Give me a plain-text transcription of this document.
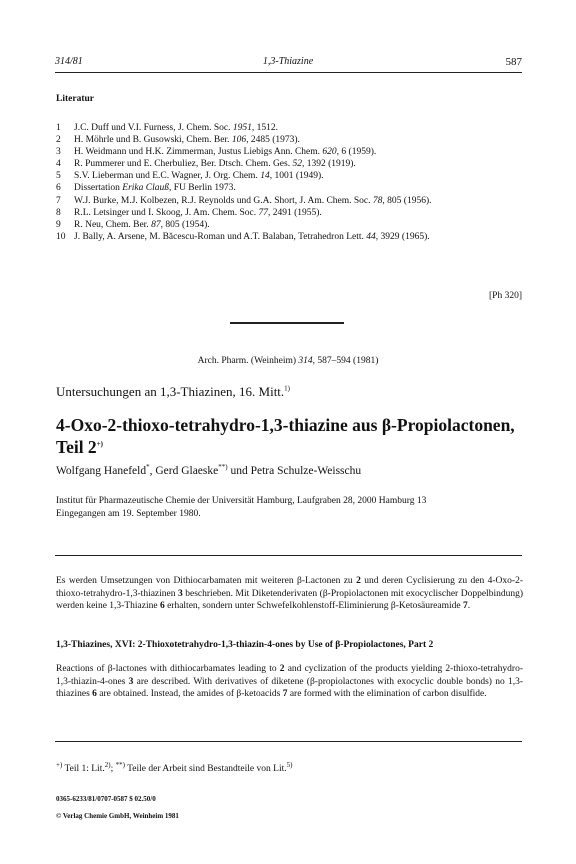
314/81	1,3-Thiazine	587
Literatur
1 J.C. Duff und V.I. Furness, J. Chem. Soc. 1951, 1512.
2 H. Möhrle und B. Gusowski, Chem. Ber. 106, 2485 (1973).
3 H. Weidmann und H.K. Zimmerman, Justus Liebigs Ann. Chem. 620, 6 (1959).
4 R. Pummerer und E. Cherbuliez, Ber. Dtsch. Chem. Ges. 52, 1392 (1919).
5 S.V. Lieberman und E.C. Wagner, J. Org. Chem. 14, 1001 (1949).
6 Dissertation Erika Clauß, FU Berlin 1973.
7 W.J. Burke, M.J. Kolbezen, R.J. Reynolds und G.A. Short, J. Am. Chem. Soc. 78, 805 (1956).
8 R.L. Letsinger und I. Skoog, J. Am. Chem. Soc. 77, 2491 (1955).
9 R. Neu, Chem. Ber. 87, 805 (1954).
10 J. Bally, A. Arsene, M. Băcescu-Roman und A.T. Balaban, Tetrahedron Lett. 44, 3929 (1965).
[Ph 320]
Arch. Pharm. (Weinheim) 314, 587–594 (1981)
Untersuchungen an 1,3-Thiazinen, 16. Mitt.$^{1)}$
4-Oxo-2-thioxo-tetrahydro-1,3-thiazine aus β-Propiolactonen, Teil 2+)
Wolfgang Hanefeld*, Gerd Glaeske**) und Petra Schulze-Weisschu
Institut für Pharmazeutische Chemie der Universität Hamburg, Laufgraben 28, 2000 Hamburg 13
Eingegangen am 19. September 1980.
Es werden Umsetzungen von Dithiocarbamaten mit weiteren β-Lactonen zu 2 und deren Cyclisierung zu den 4-Oxo-2-thioxo-tetrahydro-1,3-thiazinen 3 beschrieben. Mit Diketenderivaten (β-Propiolactonen mit exocyclischer Doppelbindung) werden keine 1,3-Thiazine 6 erhalten, sondern unter Schwefelkohlenstoff-Eliminierung β-Ketosäureamide 7.
1,3-Thiazines, XVI: 2-Thioxotetrahydro-1,3-thiazin-4-ones by Use of β-Propiolactones, Part 2
Reactions of β-lactones with dithiocarbamates leading to 2 and cyclization of the products yielding 2-thioxo-tetrahydro-1,3-thiazin-4-ones 3 are described. With derivatives of diketene (β-propiolactones with exocyclic double bonds) no 1,3-thiazines 6 are obtained. Instead, the amides of β-ketoacids 7 are formed with the elimination of carbon disulfide.
+) Teil 1: Lit.$^{2)}$; **) Teile der Arbeit sind Bestandteile von Lit.$^{5)}$
0365-6233/81/0707-0587 $ 02.50/0
© Verlag Chemie GmbH, Weinheim 1981
